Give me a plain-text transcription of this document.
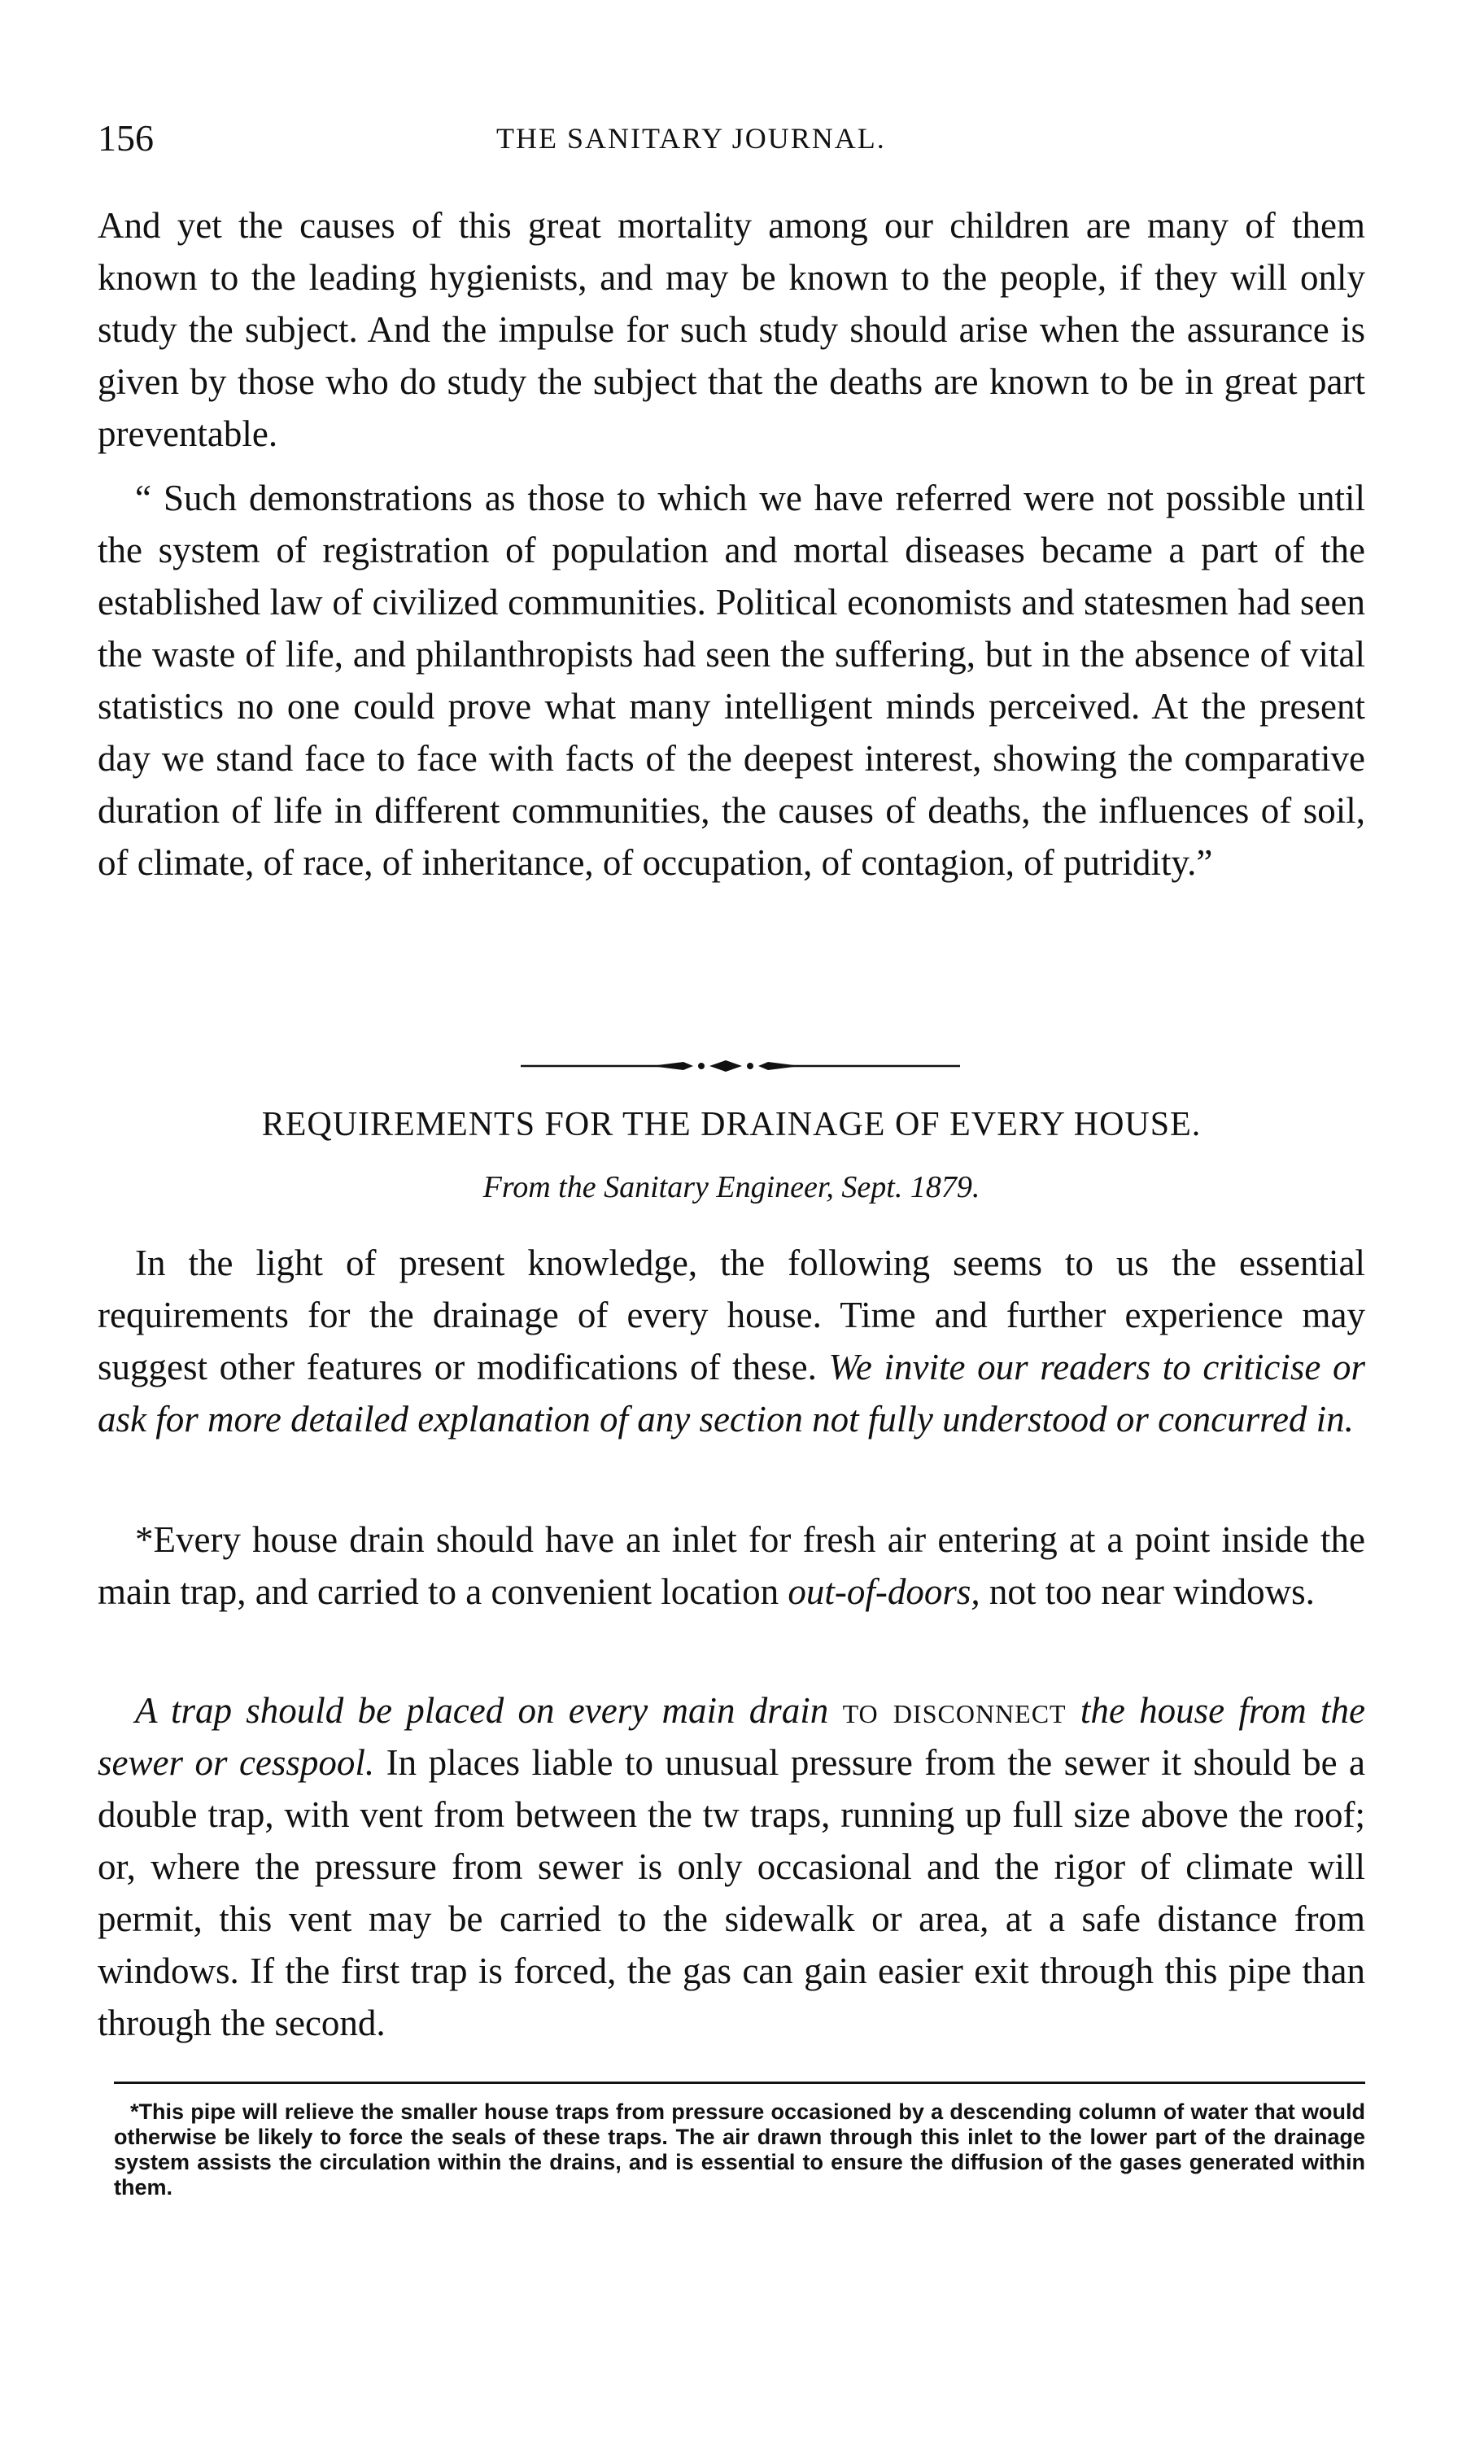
156	THE SANITARY JOURNAL.

And yet the causes of this great mortality among our children are many of them known to the leading hygienists, and may be known to the people, if they will only study the subject. And the impulse for such study should arise when the assurance is given by those who do study the subject that the deaths are known to be in great part preventable.

“ Such demonstrations as those to which we have referred were not possible until the system of registration of population and mortal diseases became a part of the established law of civilized communities. Political economists and statesmen had seen the waste of life, and philanthropists had seen the suffering, but in the absence of vital statistics no one could prove what many intelligent minds perceived. At the present day we stand face to face with facts of the deepest interest, showing the comparative duration of life in different communities, the causes of deaths, the influences of soil, of climate, of race, of inheritance, of occupation, of contagion, of putridity.”

REQUIREMENTS FOR THE DRAINAGE OF EVERY HOUSE.
From the Sanitary Engineer, Sept. 1879.

In the light of present knowledge, the following seems to us the essential requirements for the drainage of every house. Time and further experience may suggest other features or modifications of these. We invite our readers to criticise or ask for more detailed explanation of any section not fully understood or concurred in.

*Every house drain should have an inlet for fresh air entering at a point inside the main trap, and carried to a convenient location out-of-doors, not too near windows.

A trap should be placed on every main drain to disconnect the house from the sewer or cesspool. In places liable to unusual pressure from the sewer it should be a double trap, with vent from between the tw traps, running up full size above the roof; or, where the pressure from sewer is only occasional and the rigor of climate will permit, this vent may be carried to the sidewalk or area, at a safe distance from windows. If the first trap is forced, the gas can gain easier exit through this pipe than through the second.

*This pipe will relieve the smaller house traps from pressure occasioned by a descending column of water that would otherwise be likely to force the seals of these traps. The air drawn through this inlet to the lower part of the drainage system assists the circulation within the drains, and is essential to ensure the diffusion of the gases generated within them.
